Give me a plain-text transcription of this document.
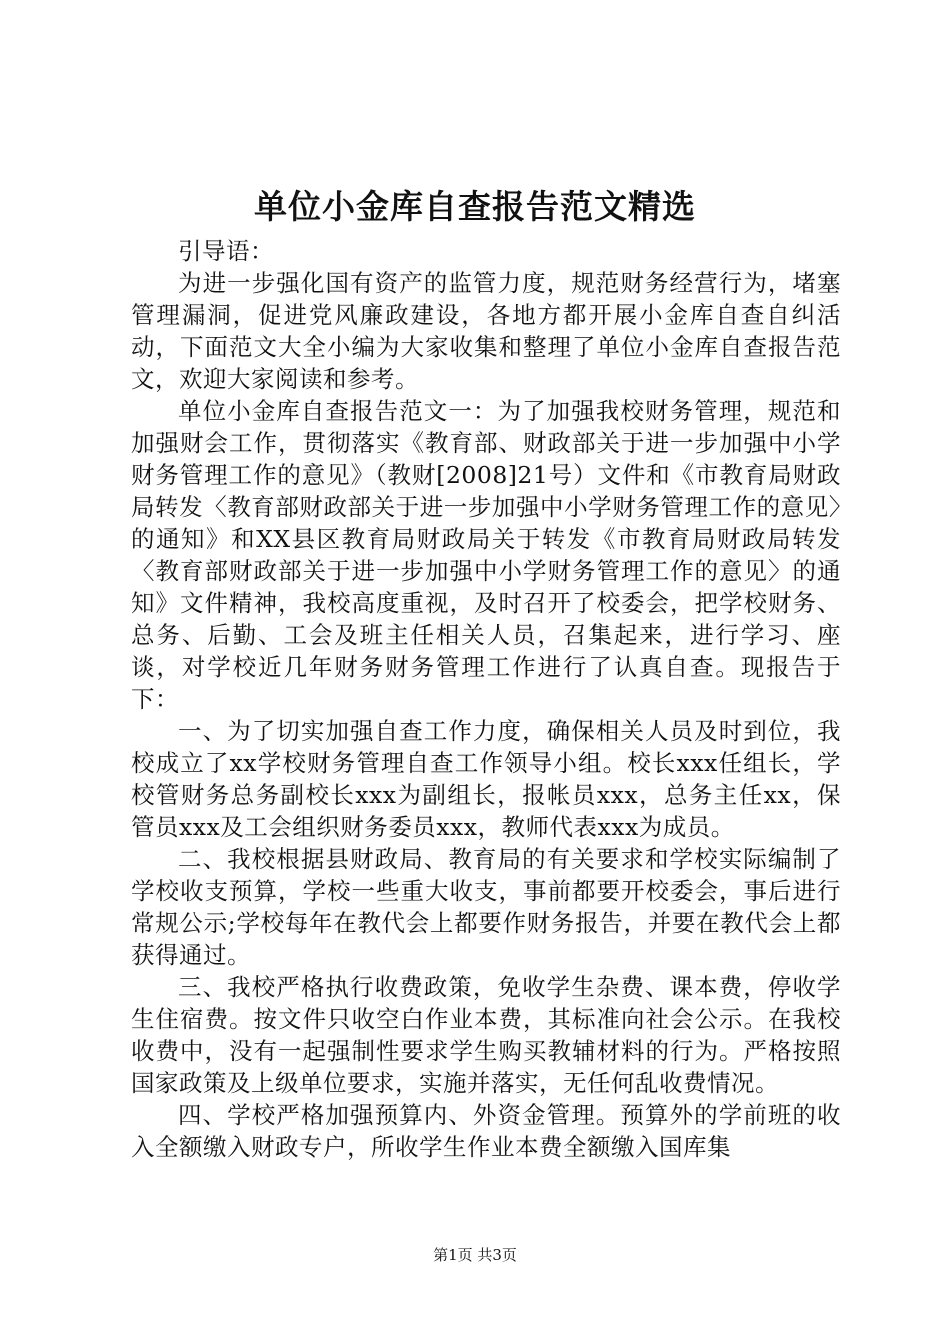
单位小金库自查报告范文精选

引导语：

为进一步强化国有资产的监管力度，规范财务经营行为，堵塞管理漏洞，促进党风廉政建设，各地方都开展小金库自查自纠活动，下面范文大全小编为大家收集和整理了单位小金库自查报告范文，欢迎大家阅读和参考。

单位小金库自查报告范文一：为了加强我校财务管理，规范和加强财会工作，贯彻落实《教育部、财政部关于进一步加强中小学财务管理工作的意见》（教财[2008]21号）文件和《市教育局财政局转发〈教育部财政部关于进一步加强中小学财务管理工作的意见〉的通知》和XX县区教育局财政局关于转发《市教育局财政局转发〈教育部财政部关于进一步加强中小学财务管理工作的意见〉的通知》文件精神，我校高度重视，及时召开了校委会，把学校财务、总务、后勤、工会及班主任相关人员，召集起来，进行学习、座谈，对学校近几年财务财务管理工作进行了认真自查。现报告于下：

一、为了切实加强自查工作力度，确保相关人员及时到位，我校成立了xx学校财务管理自查工作领导小组。校长xxx任组长，学校管财务总务副校长xxx为副组长，报帐员xxx，总务主任xx，保管员xxx及工会组织财务委员xxx，教师代表xxx为成员。

二、我校根据县财政局、教育局的有关要求和学校实际编制了学校收支预算，学校一些重大收支，事前都要开校委会，事后进行常规公示;学校每年在教代会上都要作财务报告，并要在教代会上都获得通过。

三、我校严格执行收费政策，免收学生杂费、课本费，停收学生住宿费。按文件只收空白作业本费，其标准向社会公示。在我校收费中，没有一起强制性要求学生购买教辅材料的行为。严格按照国家政策及上级单位要求，实施并落实，无任何乱收费情况。

四、学校严格加强预算内、外资金管理。预算外的学前班的收入全额缴入财政专户，所收学生作业本费全额缴入国库集

第1页 共3页
